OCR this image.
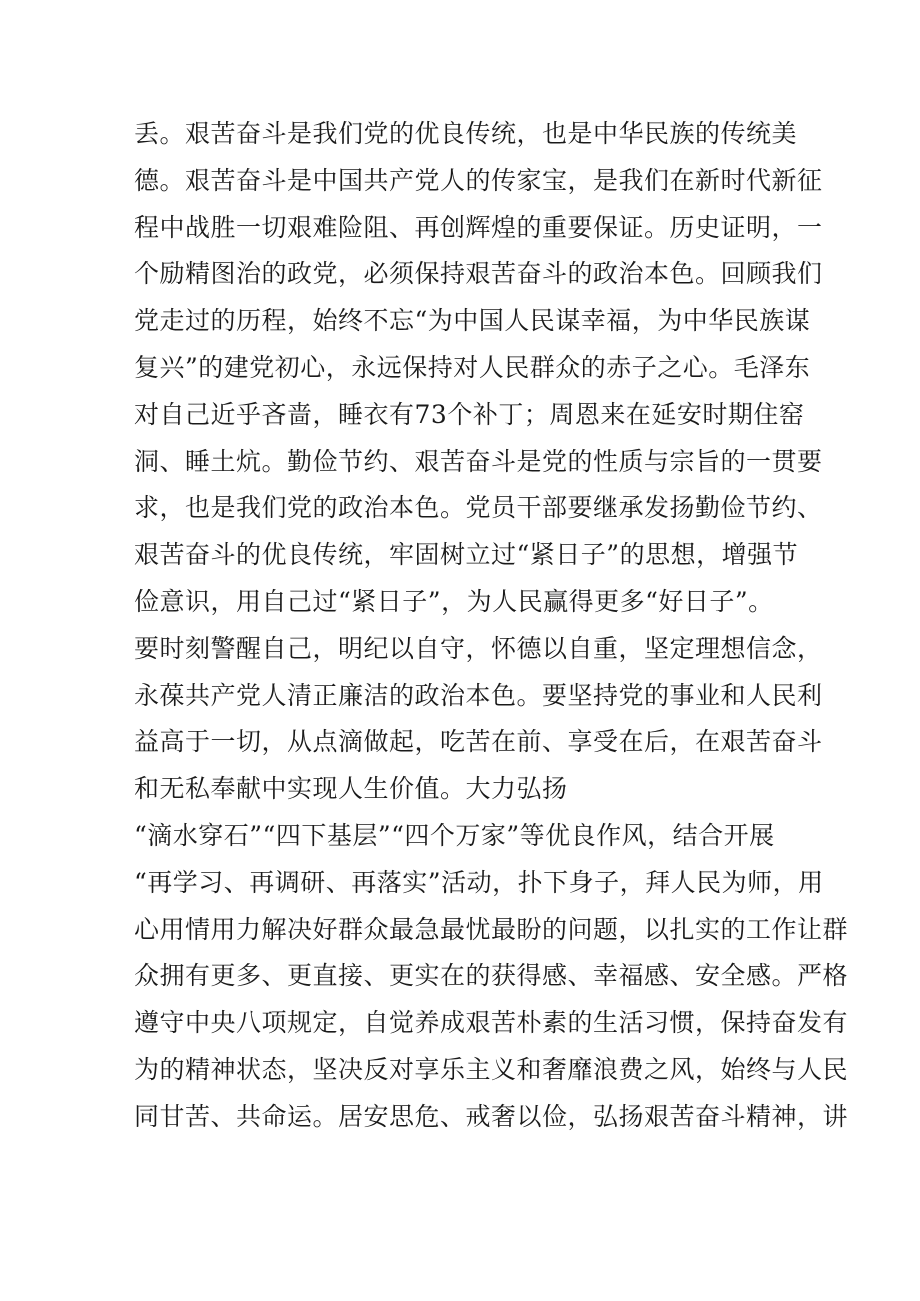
丢。艰苦奋斗是我们党的优良传统，也是中华民族的传统美
德。艰苦奋斗是中国共产党人的传家宝，是我们在新时代新征
程中战胜一切艰难险阻、再创辉煌的重要保证。历史证明，一
个励精图治的政党，必须保持艰苦奋斗的政治本色。回顾我们
党走过的历程，始终不忘“为中国人民谋幸福，为中华民族谋
复兴”的建党初心，永远保持对人民群众的赤子之心。毛泽东
对自己近乎吝啬，睡衣有73个补丁；周恩来在延安时期住窑
洞、睡土炕。勤俭节约、艰苦奋斗是党的性质与宗旨的一贯要
求，也是我们党的政治本色。党员干部要继承发扬勤俭节约、
艰苦奋斗的优良传统，牢固树立过“紧日子”的思想，增强节
俭意识，用自己过“紧日子”，为人民赢得更多“好日子”。
要时刻警醒自己，明纪以自守，怀德以自重，坚定理想信念，
永葆共产党人清正廉洁的政治本色。要坚持党的事业和人民利
益高于一切，从点滴做起，吃苦在前、享受在后，在艰苦奋斗
和无私奉献中实现人生价值。大力弘扬
“滴水穿石”“四下基层”“四个万家”等优良作风，结合开展
“再学习、再调研、再落实”活动，扑下身子，拜人民为师，用
心用情用力解决好群众最急最忧最盼的问题，以扎实的工作让群
众拥有更多、更直接、更实在的获得感、幸福感、安全感。严格
遵守中央八项规定，自觉养成艰苦朴素的生活习惯，保持奋发有
为的精神状态，坚决反对享乐主义和奢靡浪费之风，始终与人民
同甘苦、共命运。居安思危、戒奢以俭，弘扬艰苦奋斗精神，讲
